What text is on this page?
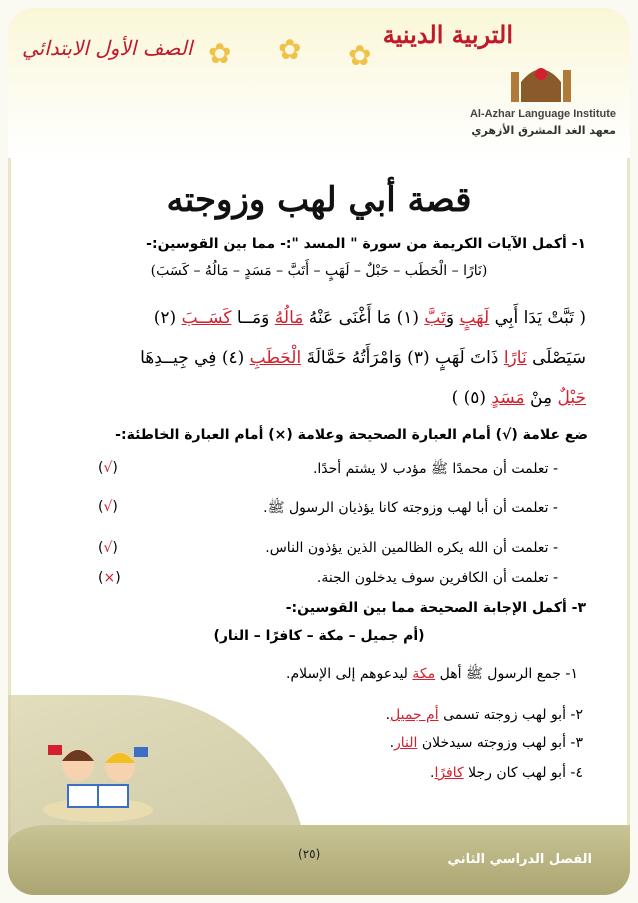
✿ ✿ ✿
التربية الدينية
الصف الأول الابتدائي
Al-Azhar Language Institute
معهد الغد المشرق الأزهري
قصة أبي لهب وزوجته
١- أكمل الآيات الكريمة من سورة " المسد ":- مما بين القوسين:-
(نَارًا – الْحَطَب – حَبْلٌ – لَهَبٍ – أَتَبَّ – مَسَدٍ – مَالُهُ – كَسَبَ)
( تَبَّتْ يَدَا أَبِي لَهَبٍ وَتَبَّ (١) مَا أَغْنَى عَنْهُ مَالُهُ وَمَــا كَسَــبَ (٢)
سَيَصْلَى نَارًا ذَاتَ لَهَبٍ (٣) وَامْرَأَتُهُ حَمَّالَةَ الْحَطَبِ (٤) فِي جِيــدِهَا
حَبْلٌ مِنْ مَسَدٍ (٥) )
ضع علامة (√) أمام العبارة الصحيحة وعلامة (×) أمام العبارة الخاطئة:-
- تعلمت أن محمدًا ﷺ مؤدب لا يشتم أحدًا.
(√)
- تعلمت أن أبا لهب وزوجته كانا يؤذيان الرسول ﷺ.
(√)
- تعلمت أن الله يكره الظالمين الذين يؤذون الناس.
(√)
- تعلمت أن الكافرين سوف يدخلون الجنة.
(×)
٣- أكمل الإجابة الصحيحة مما بين القوسين:-
(أم جميل – مكة – كافرًا – النار)
١- جمع الرسول ﷺ أهل مكة ليدعوهم إلى الإسلام.
٢- أبو لهب زوجته تسمى أم جميل.
٣- أبو لهب وزوجته سيدخلان النار.
٤- أبو لهب كان رجلا كافرًا.
الفصل الدراسي الثاني
(٢٥)
